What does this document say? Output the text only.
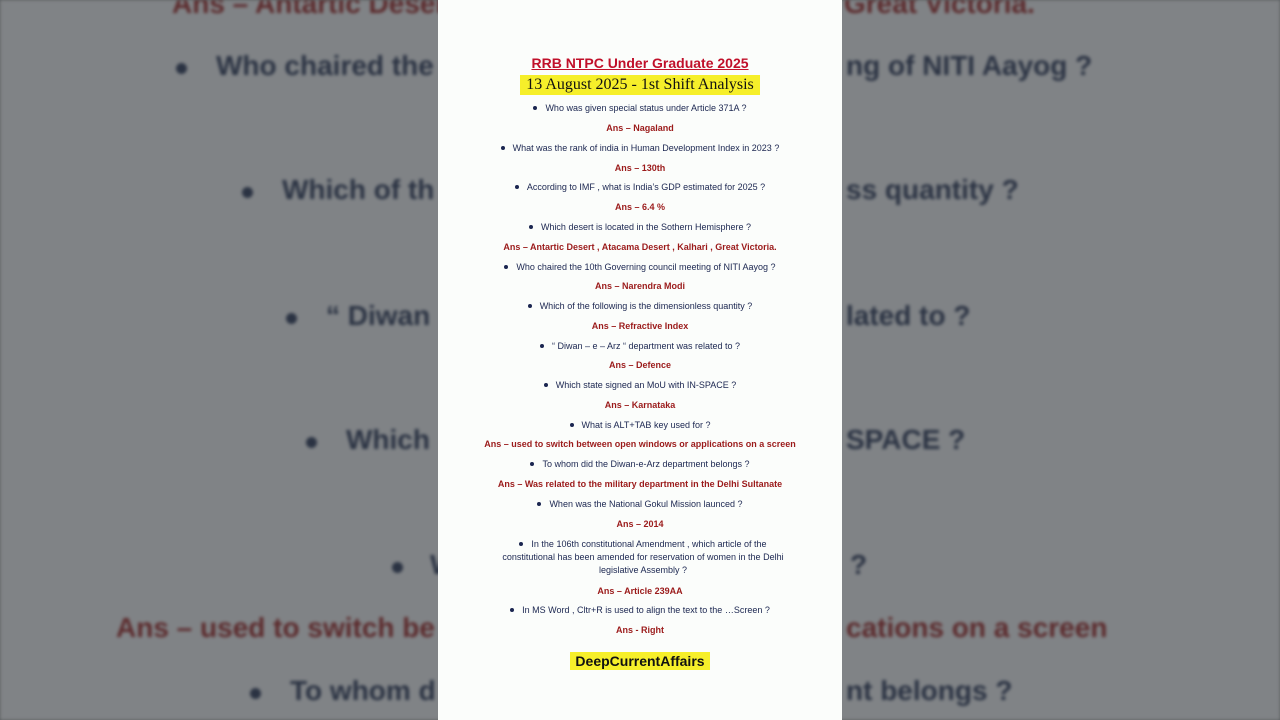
RRB NTPC Under Graduate 2025
13 August 2025 - 1st Shift Analysis
Who was given special status under Article 371A ?
Ans – Nagaland
What was the rank of india in Human Development Index in 2023 ?
Ans – 130th
According to IMF , what is India’s GDP estimated for 2025 ?
Ans – 6.4 %
Which desert is located in the Sothern Hemisphere ?
Ans – Antartic Desert , Atacama Desert , Kalhari , Great Victoria.
Who chaired the 10th Governing council meeting of NITI Aayog ?
Ans – Narendra Modi
Which of the following is the dimensionless quantity ?
Ans – Refractive Index
“ Diwan – e – Arz “ department was related to ?
Ans – Defence
Which state signed an MoU with IN-SPACE ?
Ans – Karnataka
What is ALT+TAB key used for ?
Ans – used to switch between open windows or applications on a screen
To whom did the Diwan-e-Arz department belongs ?
Ans – Was related to the military department in the Delhi Sultanate
When was the National Gokul Mission launced ?
Ans – 2014
In the 106th constitutional Amendment , which article of the constitutional has been amended for reservation of women in the Delhi legislative Assembly ?
Ans – Article 239AA
In MS Word , Cltr+R is used to align the text to the …Screen ?
Ans - Right
DeepCurrentAffairs
